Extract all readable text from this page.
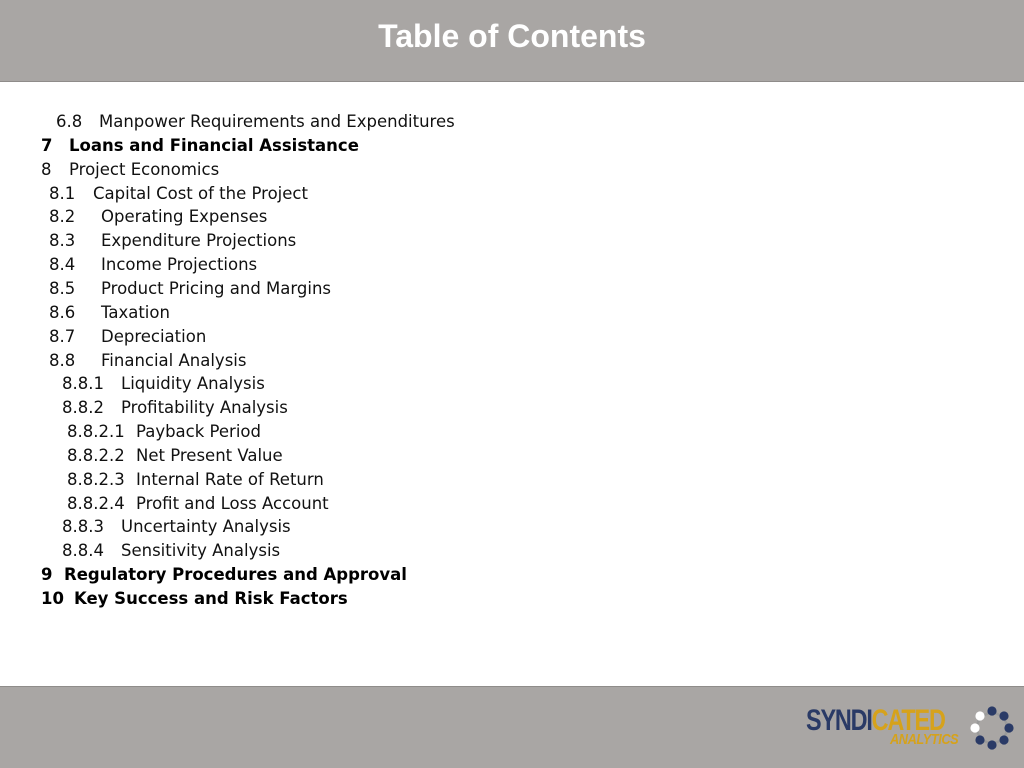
Table of Contents
6.8 Manpower Requirements and Expenditures
7 Loans and Financial Assistance
8 Project Economics
8.1 Capital Cost of the Project
8.2 Operating Expenses
8.3 Expenditure Projections
8.4 Income Projections
8.5 Product Pricing and Margins
8.6 Taxation
8.7 Depreciation
8.8 Financial Analysis
8.8.1 Liquidity Analysis
8.8.2 Profitability Analysis
8.8.2.1 Payback Period
8.8.2.2 Net Present Value
8.8.2.3 Internal Rate of Return
8.8.2.4 Profit and Loss Account
8.8.3 Uncertainty Analysis
8.8.4 Sensitivity Analysis
9 Regulatory Procedures and Approval
10 Key Success and Risk Factors
SYNDICATED
ANALYTICS
